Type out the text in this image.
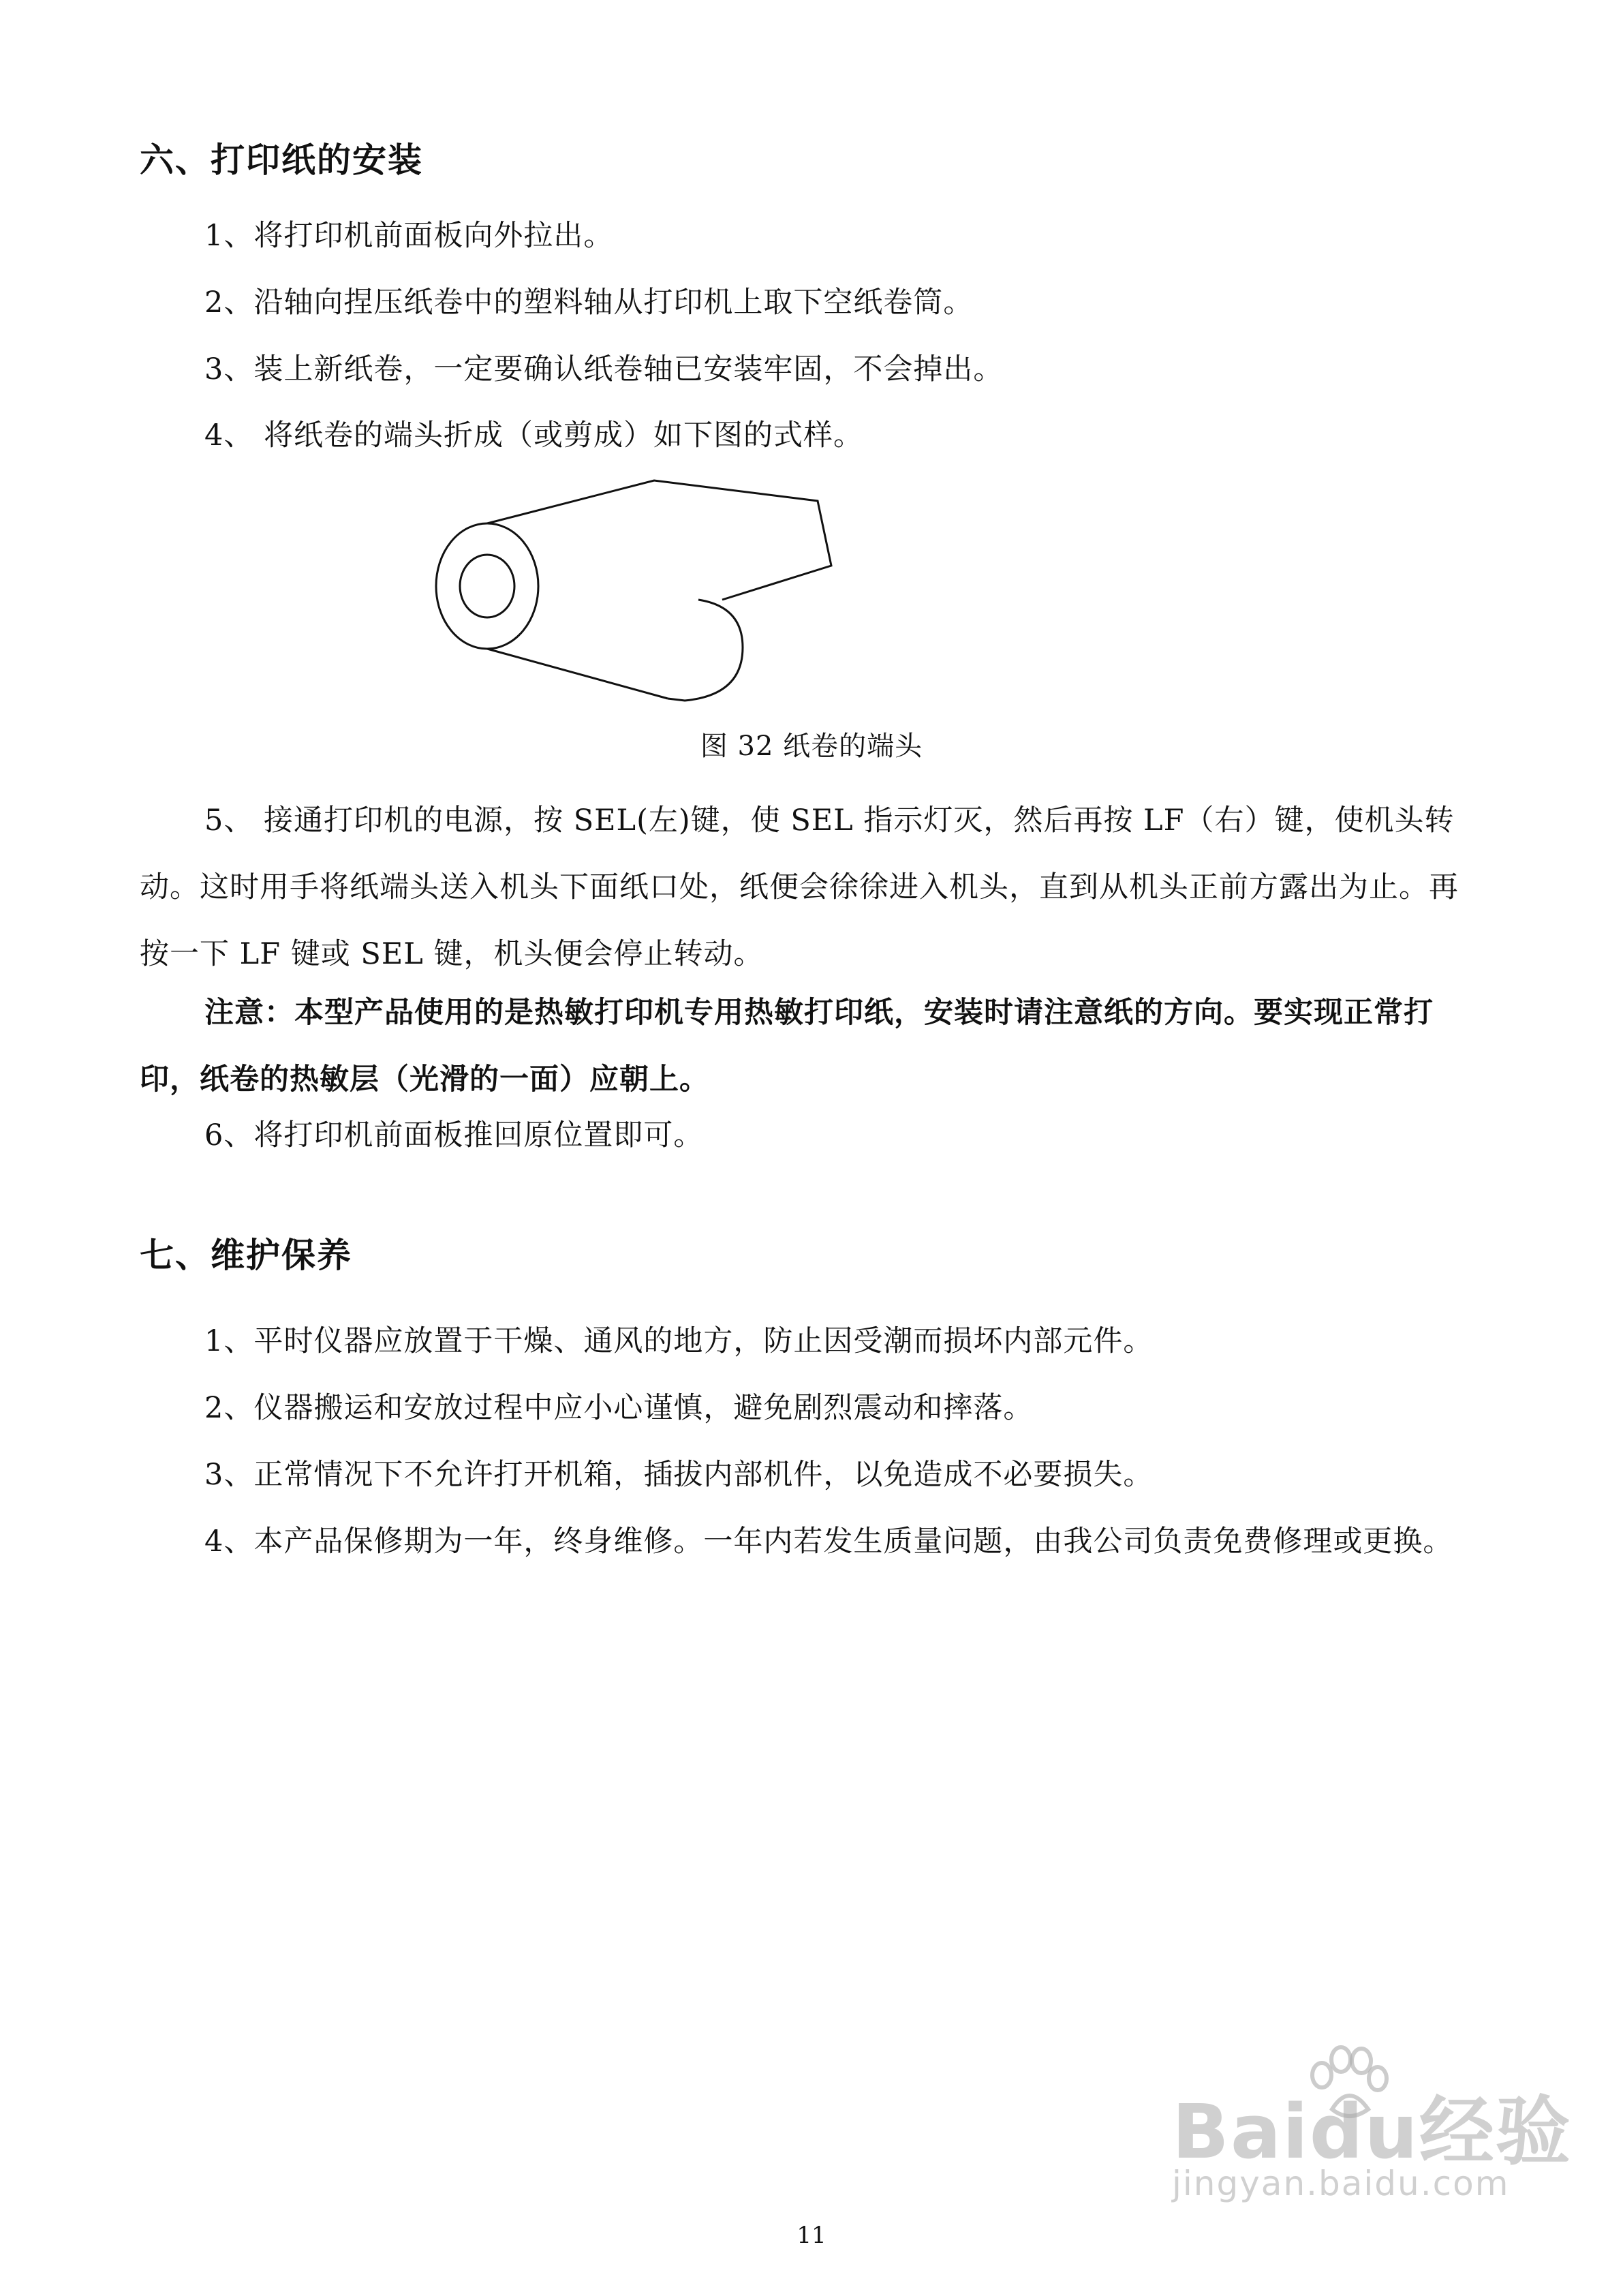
六、打印纸的安装

1、将打印机前面板向外拉出。

2、沿轴向捏压纸卷中的塑料轴从打印机上取下空纸卷筒。

3、装上新纸卷，一定要确认纸卷轴已安装牢固，不会掉出。

4、 将纸卷的端头折成（或剪成）如下图的式样。

图 32 纸卷的端头

5、 接通打印机的电源，按 SEL(左)键，使 SEL 指示灯灭，然后再按 LF（右）键，使机头转动。这时用手将纸端头送入机头下面纸口处，纸便会徐徐进入机头，直到从机头正前方露出为止。再按一下 LF 键或 SEL 键，机头便会停止转动。

注意：本型产品使用的是热敏打印机专用热敏打印纸，安装时请注意纸的方向。要实现正常打印，纸卷的热敏层（光滑的一面）应朝上。

6、将打印机前面板推回原位置即可。

七、维护保养

1、平时仪器应放置于干燥、通风的地方，防止因受潮而损坏内部元件。

2、仪器搬运和安放过程中应小心谨慎，避免剧烈震动和摔落。

3、正常情况下不允许打开机箱，插拔内部机件，以免造成不必要损失。

4、本产品保修期为一年，终身维修。一年内若发生质量问题，由我公司负责免费修理或更换。

11
Baidu经验
jingyan.baidu.com
